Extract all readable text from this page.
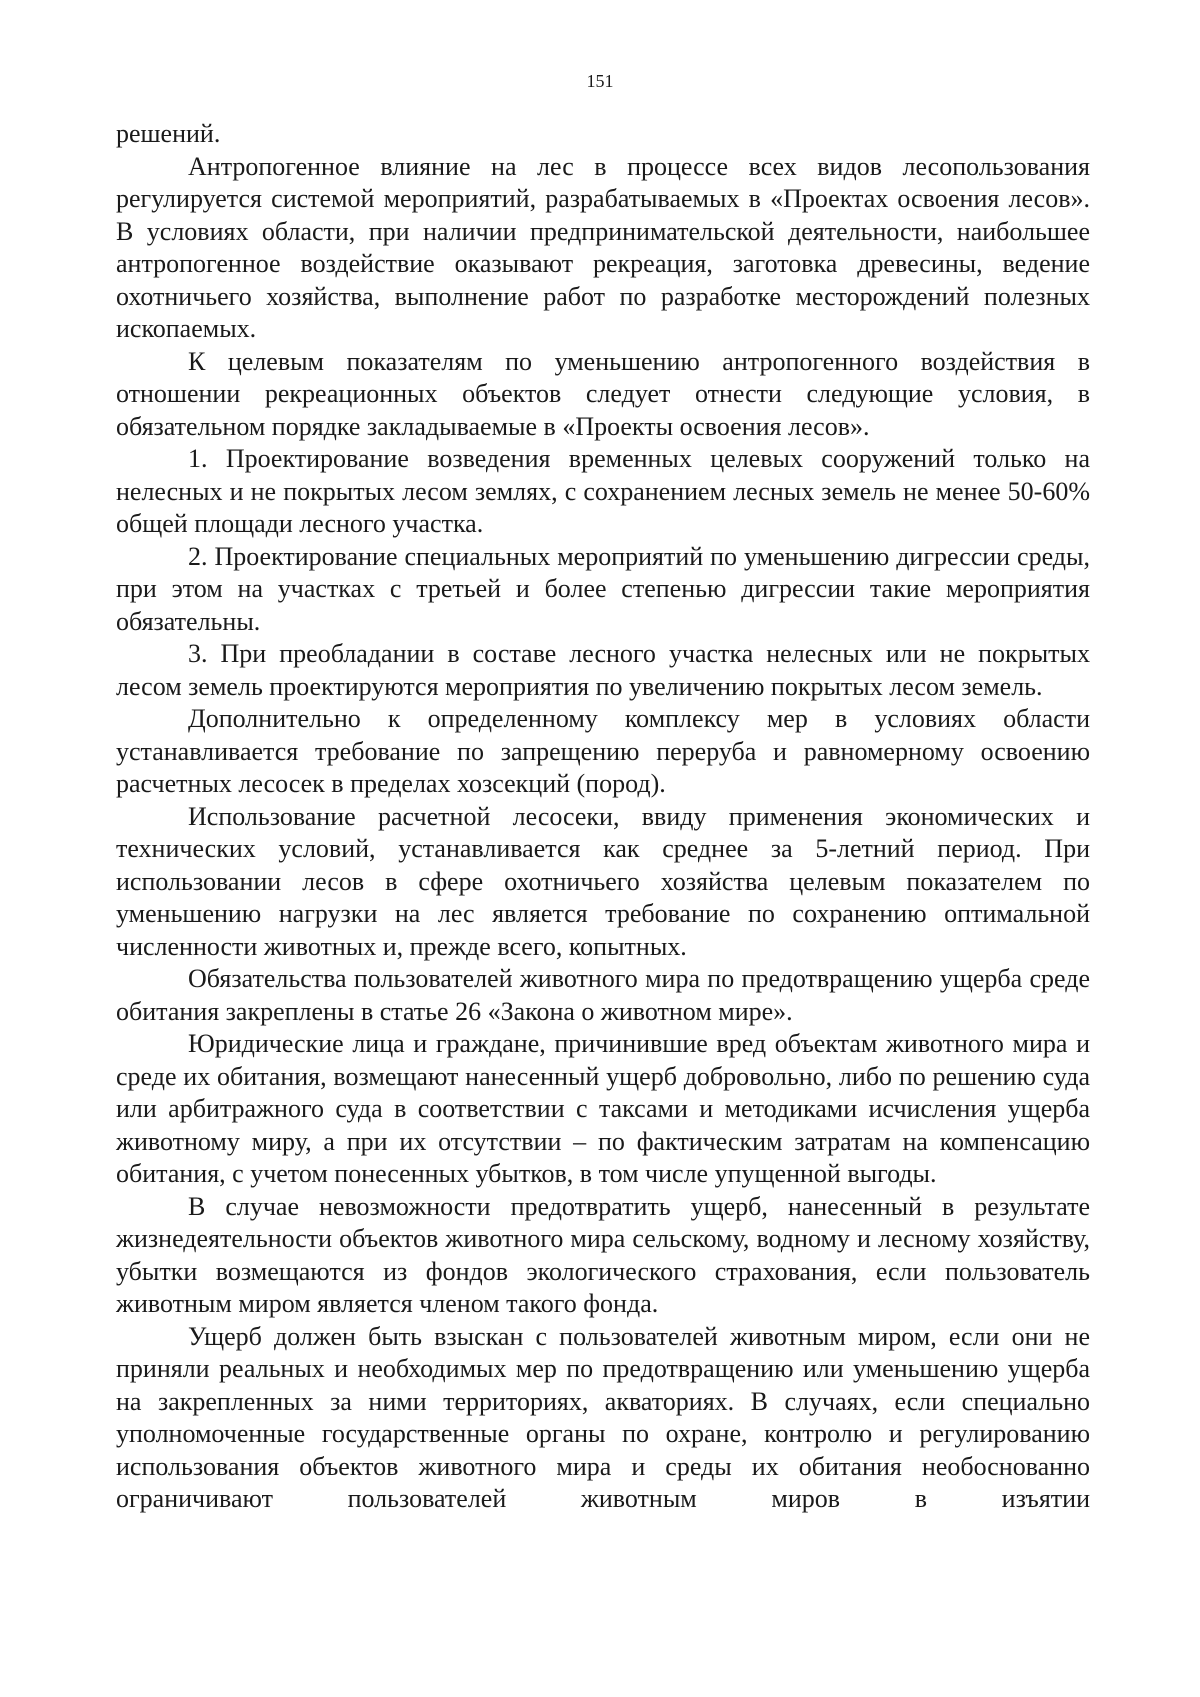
151

решений.

Антропогенное влияние на лес в процессе всех видов лесопользования регулируется системой мероприятий, разрабатываемых в «Проектах освоения лесов». В условиях области, при наличии предпринимательской деятельности, наибольшее антропогенное воздействие оказывают рекреация, заготовка древесины, ведение охотничьего хозяйства, выполнение работ по разработке месторождений полезных ископаемых.

К целевым показателям по уменьшению антропогенного воздействия в отношении рекреационных объектов следует отнести следующие условия, в обязательном порядке закладываемые в «Проекты освоения лесов».

1. Проектирование возведения временных целевых сооружений только на нелесных и не покрытых лесом землях, с сохранением лесных земель не менее 50-60% общей площади лесного участка.

2. Проектирование специальных мероприятий по уменьшению дигрессии среды, при этом на участках с третьей и более степенью дигрессии такие мероприятия обязательны.

3. При преобладании в составе лесного участка нелесных или не покрытых лесом земель проектируются мероприятия по увеличению покрытых лесом земель.

Дополнительно к определенному комплексу мер в условиях области устанавливается требование по запрещению переруба и равномерному освоению расчетных лесосек в пределах хозсекций (пород).

Использование расчетной лесосеки, ввиду применения экономических и технических условий, устанавливается как среднее за 5-летний период. При использовании лесов в сфере охотничьего хозяйства целевым показателем по уменьшению нагрузки на лес является требование по сохранению оптимальной численности животных и, прежде всего, копытных.

Обязательства пользователей животного мира по предотвращению ущерба среде обитания закреплены в статье 26 «Закона о животном мире».

Юридические лица и граждане, причинившие вред объектам животного мира и среде их обитания, возмещают нанесенный ущерб добровольно, либо по решению суда или арбитражного суда в соответствии с таксами и методиками исчисления ущерба животному миру, а при их отсутствии – по фактическим затратам на компенсацию обитания, с учетом понесенных убытков, в том числе упущенной выгоды.

В случае невозможности предотвратить ущерб, нанесенный в результате жизнедеятельности объектов животного мира сельскому, водному и лесному хозяйству, убытки возмещаются из фондов экологического страхования, если пользователь животным миром является членом такого фонда.

Ущерб должен быть взыскан с пользователей животным миром, если они не приняли реальных и необходимых мер по предотвращению или уменьшению ущерба на закрепленных за ними территориях, акваториях. В случаях, если специально уполномоченные государственные органы по охране, контролю и регулированию использования объектов животного мира и среды их обитания необоснованно ограничивают пользователей животным миров в изъятии
